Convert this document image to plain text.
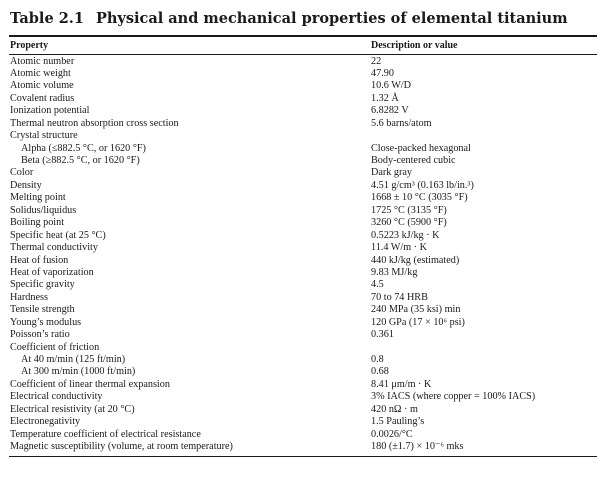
Table 2.1 Physical and mechanical properties of elemental titanium
Property	Description or value
Atomic number	22
Atomic weight	47.90
Atomic volume	10.6 W/D
Covalent radius	1.32 Å
Ionization potential	6.8282 V
Thermal neutron absorption cross section	5.6 barns/atom
Crystal structure
Alpha (≤882.5 °C, or 1620 °F)	Close-packed hexagonal
Beta (≥882.5 °C, or 1620 °F)	Body-centered cubic
Color	Dark gray
Density	4.51 g/cm³ (0.163 lb/in.³)
Melting point	1668 ± 10 °C (3035 °F)
Solidus/liquidus	1725 °C (3135 °F)
Boiling point	3260 °C (5900 °F)
Specific heat (at 25 °C)	0.5223 kJ/kg · K
Thermal conductivity	11.4 W/m · K
Heat of fusion	440 kJ/kg (estimated)
Heat of vaporization	9.83 MJ/kg
Specific gravity	4.5
Hardness	70 to 74 HRB
Tensile strength	240 MPa (35 ksi) min
Young’s modulus	120 GPa (17 × 10⁶ psi)
Poisson’s ratio	0.361
Coefficient of friction
At 40 m/min (125 ft/min)	0.8
At 300 m/min (1000 ft/min)	0.68
Coefficient of linear thermal expansion	8.41 μm/m · K
Electrical conductivity	3% IACS (where copper = 100% IACS)
Electrical resistivity (at 20 °C)	420 nΩ · m
Electronegativity	1.5 Pauling’s
Temperature coefficient of electrical resistance	0.0026/°C
Magnetic susceptibility (volume, at room temperature)	180 (±1.7) × 10⁻⁶ mks
